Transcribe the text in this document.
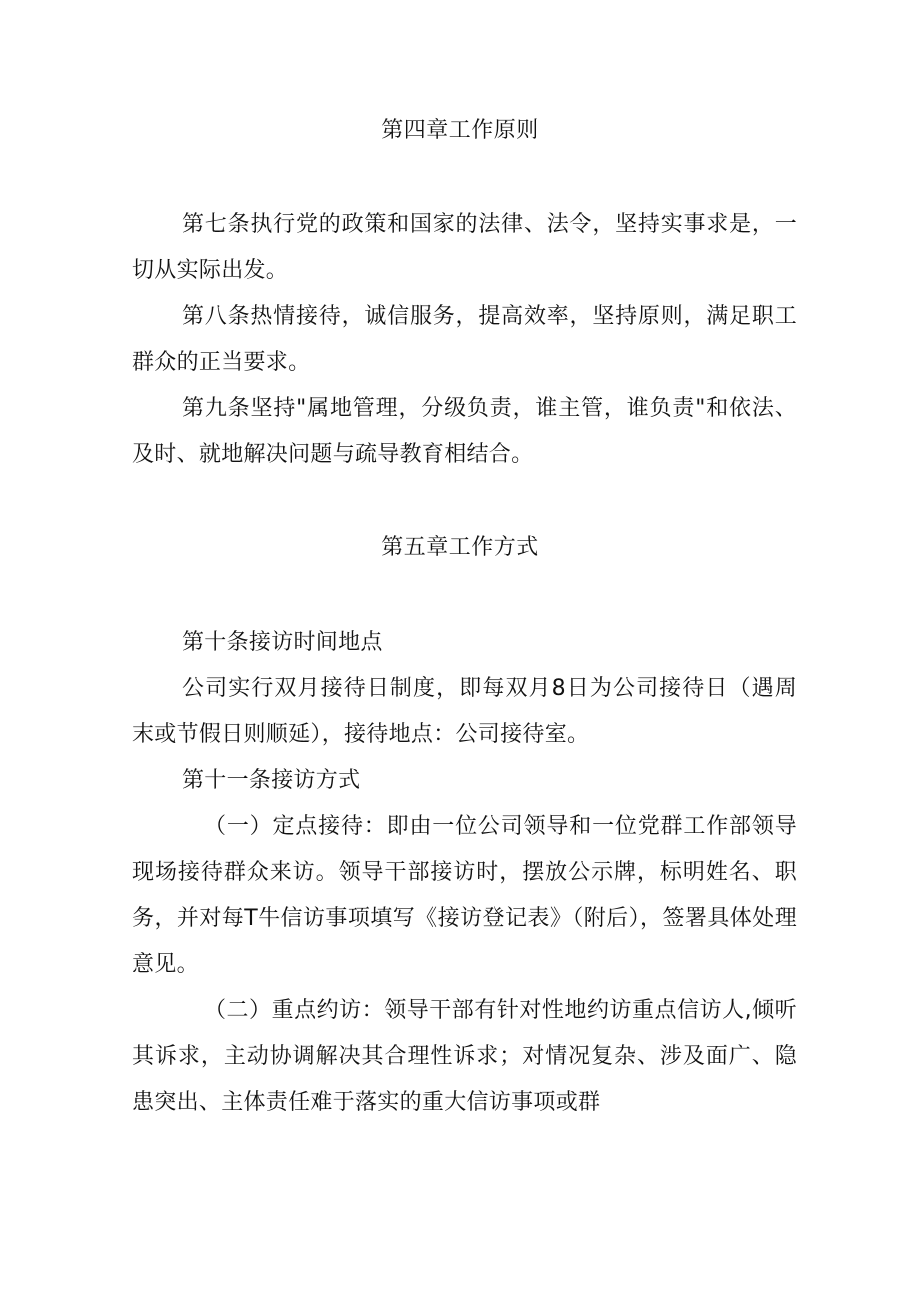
第四章工作原则
第七条执行党的政策和国家的法律、法令，坚持实事求是，一切从实际出发。
第八条热情接待，诚信服务，提高效率，坚持原则，满足职工群众的正当要求。
第九条坚持"属地管理，分级负责，谁主管，谁负责"和依法、及时、就地解决问题与疏导教育相结合。
第五章工作方式
第十条接访时间地点
公司实行双月接待日制度，即每双月8日为公司接待日（遇周末或节假日则顺延），接待地点：公司接待室。
第十一条接访方式
（一）定点接待：即由一位公司领导和一位党群工作部领导现场接待群众来访。领导干部接访时，摆放公示牌，标明姓名、职务，并对每T牛信访事项填写《接访登记表》（附后），签署具体处理意见。
（二）重点约访：领导干部有针对性地约访重点信访人,倾听其诉求，主动协调解决其合理性诉求；对情况复杂、涉及面广、隐患突出、主体责任难于落实的重大信访事项或群
